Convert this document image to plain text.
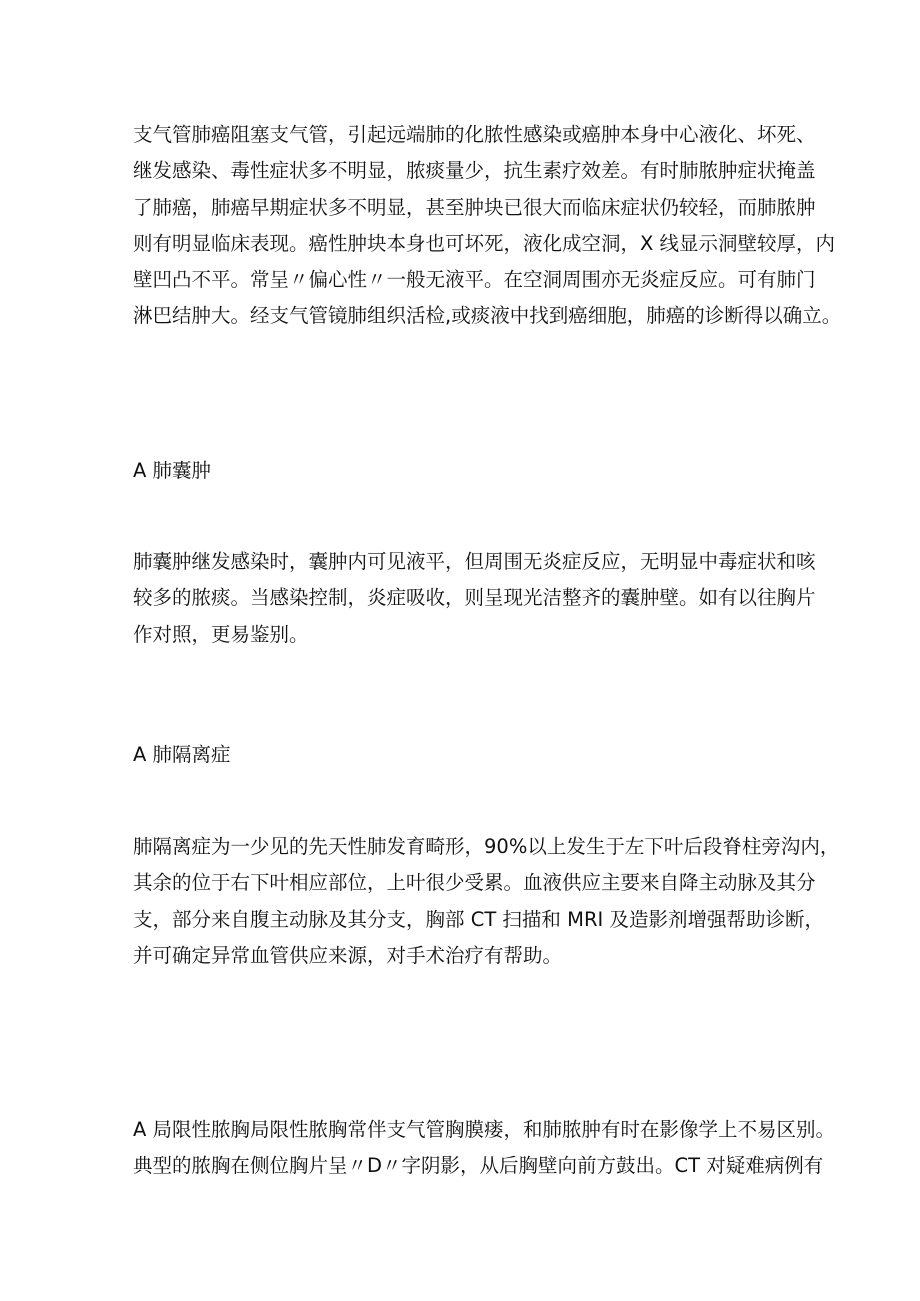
支气管肺癌阻塞支气管，引起远端肺的化脓性感染或癌肿本身中心液化、坏死、
继发感染、毒性症状多不明显，脓痰量少，抗生素疗效差。有时肺脓肿症状掩盖
了肺癌，肺癌早期症状多不明显，甚至肿块已很大而临床症状仍较轻，而肺脓肿
则有明显临床表现。癌性肿块本身也可坏死，液化成空洞，X 线显示洞壁较厚，内
壁凹凸不平。常呈〃偏心性〃一般无液平。在空洞周围亦无炎症反应。可有肺门
淋巴结肿大。经支气管镜肺组织活检,或痰液中找到癌细胞，肺癌的诊断得以确立。

A 肺囊肿

肺囊肿继发感染时，囊肿内可见液平，但周围无炎症反应，无明显中毒症状和咳
较多的脓痰。当感染控制，炎症吸收，则呈现光洁整齐的囊肿壁。如有以往胸片
作对照，更易鉴别。

A 肺隔离症

肺隔离症为一少见的先天性肺发育畸形，90%以上发生于左下叶后段脊柱旁沟内，
其余的位于右下叶相应部位，上叶很少受累。血液供应主要来自降主动脉及其分
支，部分来自腹主动脉及其分支，胸部 CT 扫描和 MRI 及造影剂增强帮助诊断，
并可确定异常血管供应来源，对手术治疗有帮助。

A 局限性脓胸局限性脓胸常伴支气管胸膜瘘，和肺脓肿有时在影像学上不易区别。
典型的脓胸在侧位胸片呈〃D〃字阴影，从后胸壁向前方鼓出。CT 对疑难病例有
